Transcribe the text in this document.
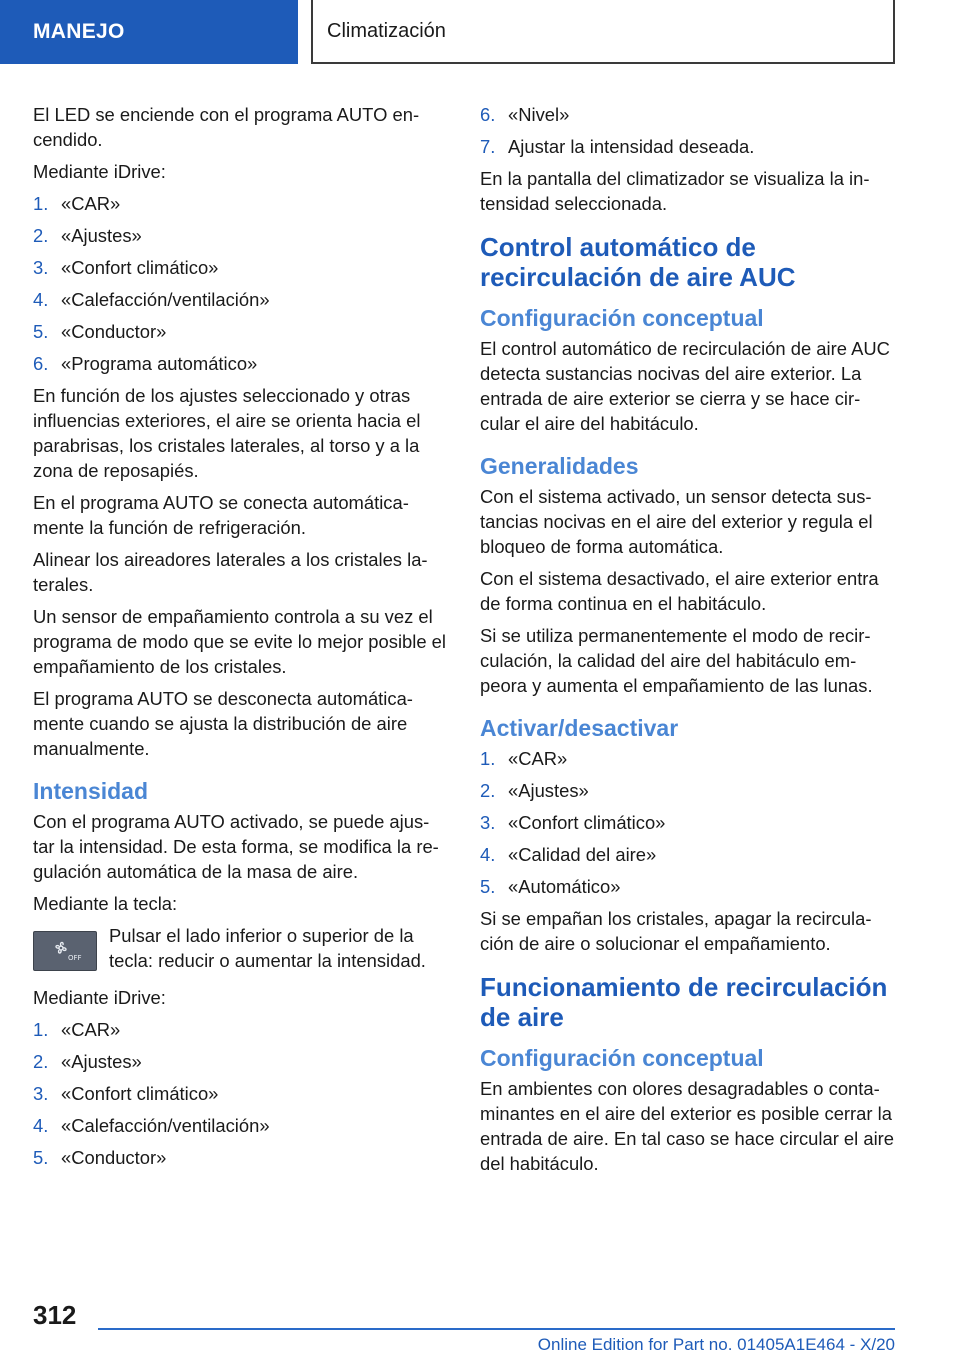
MANEJO	Climatización

El LED se enciende con el programa AUTO en-cendido.

Mediante iDrive:

1. «CAR»
2. «Ajustes»
3. «Confort climático»
4. «Calefacción/ventilación»
5. «Conductor»
6. «Programa automático»

En función de los ajustes seleccionado y otras influencias exteriores, el aire se orienta hacia el parabrisas, los cristales laterales, al torso y a la zona de reposapiés.

En el programa AUTO se conecta automática-mente la función de refrigeración.

Alinear los aireadores laterales a los cristales la-terales.

Un sensor de empañamiento controla a su vez el programa de modo que se evite lo mejor posible el empañamiento de los cristales.

El programa AUTO se desconecta automática-mente cuando se ajusta la distribución de aire manualmente.

Intensidad

Con el programa AUTO activado, se puede ajus-tar la intensidad. De esta forma, se modifica la re-gulación automática de la masa de aire.

Mediante la tecla:

OFF

Pulsar el lado inferior o superior de la tecla: reducir o aumentar la intensidad.

Mediante iDrive:

1. «CAR»
2. «Ajustes»
3. «Confort climático»
4. «Calefacción/ventilación»
5. «Conductor»
6. «Nivel»
7. Ajustar la intensidad deseada.

En la pantalla del climatizador se visualiza la in-tensidad seleccionada.

Control automático de recirculación de aire AUC
Configuración conceptual

El control automático de recirculación de aire AUC detecta sustancias nocivas del aire exterior. La entrada de aire exterior se cierra y se hace cir-cular el aire del habitáculo.

Generalidades

Con el sistema activado, un sensor detecta sus-tancias nocivas en el aire del exterior y regula el bloqueo de forma automática.

Con el sistema desactivado, el aire exterior entra de forma continua en el habitáculo.

Si se utiliza permanentemente el modo de recir-culación, la calidad del aire del habitáculo em-peora y aumenta el empañamiento de las lunas.

Activar/desactivar
1. «CAR»
2. «Ajustes»
3. «Confort climático»
4. «Calidad del aire»
5. «Automático»

Si se empañan los cristales, apagar la recircula-ción de aire o solucionar el empañamiento.

Funcionamiento de recirculación de aire
Configuración conceptual

En ambientes con olores desagradables o conta-minantes en el aire del exterior es posible cerrar la entrada de aire. En tal caso se hace circular el aire del habitáculo.

312
Online Edition for Part no. 01405A1E464 - X/20
